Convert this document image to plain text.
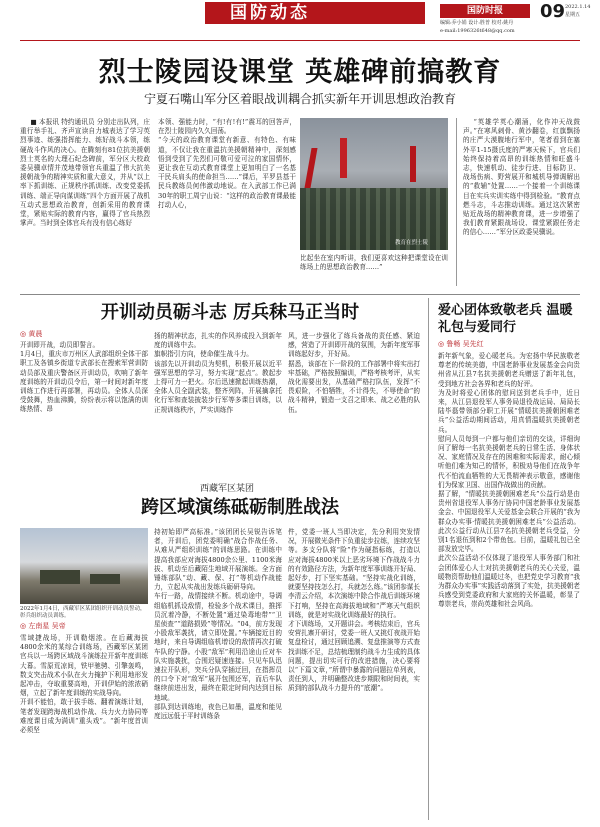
国防动态	国防时报	09 2022.1.14
星期五
编辑:乔小娟 设计:胜普 校对:姚丹
e-mail:1996326t648@qq.com
烈士陵园设课堂 英雄碑前搞教育
宁夏石嘴山军分区着眼战训耦合抓实新年开训思想政治教育

■ 本报讯 特约通讯员 分别走出队列，庄重行举手礼、齐声宣读自力城表达了学习英烈事迹、练强指挥能力、练好战斗本领，练硬战斗作风的决心。在腾刻有81位抗美援朝烈士英名的大理石纪念碑前，军分区大校政委吴骥卓情并茂地带领官兵重温了伟大抗美援朝战争的精神实质和重大意义，并从“以上率下抓训练、正规秩序抓训练、改变党委抓训练、端正导向谋训练”四个方面开展了战机互动式思想政治教育，创新采用的教育课堂，紧贴实际的教育内容，赢得了官兵热烈掌声。当时到全体官兵有没有信心练好

本领、强能力时，“有!有!有!”震耳的回答声，在烈士陵园内久久回荡。
“今天的政治教育课堂有新意、有特色、有味道，不仅让我在重温抗美援朝精神中，深刻感悟到受到了先烈们可敬可爱可泣的家国情怀，更让我在互动式教育课堂上更加明白了一名基干民兵肩头的使命担当……”课后，平罗县基干民兵教练员何伟激动地说。在入武部工作已满30年的职工周宁山说：“这样的政治教育课最能打动人心，
教育在烈士陵
比起坐在室内听讲，我们更喜欢这种把课堂设在训练场上的思想政治教育……”

“英雄学英心潮涌，化作冲天战鼓声。”在寒风刺骨、黄沙翻卷，红旗飘扬的庄严大漠腹地行军中，笔者看到在塞外平1-15摄氏度的严寒天候下，官兵们始终保持着高昂的训练热情和旺盛斗志，快速机动、徒步行进、目标防卫、战场伤病、野营展开和城机导弹调解出的“救辅”处置……一个接着一个训练课目在实兵实训实练中得到检验。“教育点燃斗志，斗志推动训练。通过这次紧密贴近战场的精神教育课，进一步增强了我们教育紧跟战场设、课堂紧跟任务走的信心……”军分区政委吴骥说。

开训动员砺斗志 厉兵秣马正当时
◎ 黄晨
开训即开战，动员即誓言。
1月4日，重庆市万州区人武部组织全体干部职工及各镇乡街道专武部长在搜索军营训防动员部及重庆警备区开训动员，吹响了新年度训练的开训动员令后，第一时间对新年度训练工作进行再部署，再动员。全体人员深受鼓舞，热血沸腾，纷纷表示将以饱满的训练热情、昂
扬的精神状态，扎实的作风养成投入到新年度的训练中去。
旗帜指引方向，使命催生战斗力。
该部先以开训动员为契机，积极开展以近平强军思想的学习，努力实现“起点”。教起步上得可力一把火。尔后迅速掀起训练热潮，全体人员全副武装，整齐列阵，开展擒拿托化行军和查装披装步行军等多课目训练，以正规训练秩序，严实训练作
风，进一步强化了练兵备战的责任感、紧迫感，营造了开训即开战的氛围，为新年度军事训练起好步，开好局。
据悉，该部在下一阶段的工作部署中将实出打牢基础，严格按照编训，严格考核考评，从实战化需要出发，从基础严格打队伍，发挥“不畏艰险，不怕牺牲，不计得失，不辱使命”的战斗精神，锻造一支召之即来、战之必胜的队伍。
西藏军区某团
跨区域演练砥砺制胜战法
2022年1月4日，西藏军区某团组织开训动员誓动，彰兵组织动员训练。
◎ 左南星 吴帝
雪域捷战场，开训勒烟浓。在后藏海拔4800余米的某综合训练场，西藏军区某团官兵以一场跨区域战斗演练拉开新年度训练大幕。雪原荒凉间，铁甲驰骋、引擎轰鸣，数支突击战术小队在火力掩护下利用地形发起冲击，夺取重要高地，开训伊始的浓浓硝烟，立起了新年度训练的实战导向。
开训不能怕，敢于拔手练、翻着演练计划，笔者发现跨海战机动作战、兵力火力协同等难度课目成为满训“重头戏”。“新年度首训必须坚
持初始即严高标准。”该团团长吴锐告诉笔者，开训后，团党委明确“战合作战任务、从难从严组织训练”的训练思路。在训练中提高我部应对海拔4800余公里、1100米海拔、机动至后藏陌生地域开展演练。全方面锤练部队“动、藏、保、打”等机动作战能力，立起从实战出发练兵砺研导向。
车行一路，战情接续不断。机动途中，导调组临机抓设敌情，检验多个战术课目，推挥员沉着冷静，不断处置“通过染毒地带”“卫星侦查”“道路损毁”等情况。“04，前方发现小股敌军袭扰，请立即处置。”车辆接近目的地时，来自导调组临机增设的敌情再次打破车队的宁静。小股“敌军”利用沿途山丘对车队实施袭扰，合围迟疑速连接。只见车队迅速拉开队形，突兵分队穿插迂回，在指挥员的口令下对“敌军”展开包围还军，而后车队继续前进出发，最终在限定时间内达到目标地域。
部队到达训练地，夜色已如墨，温度和能见度远远低于平时训练条
件，党委一班人当即决定，先分利用突发情况，开展微光条件下负重徒步拉练，连续攻坚等。多支分队将“险”作为硬指标练，打造以应对海拔4800米以上恶劣环境下作战战斗力的有效路径方法，为新年度军事训练开好局、起好步，打下坚实基础。“坚持实战化训练，就要坚持技怎么打，兵就怎么练。”该团参谋长李清云介绍，本次演练中除合作战后训练环境下打响，坚持在高海拔地域和“严寒天气组织训练，就是对实战化训练最好的执行。
才下训练场，又开题讲会。考核结束后，官兵安营扎寨开研讨，党委一班人又挑灯夜战开始复盘检讨，通过回顾追溯、复盘推演等方式查找训练不足，总结梳理制约战斗力生成的具体问题，提出切实可行的改进措施，决心要将以“下篇文章，”所谓中暴露的问题拉单列表，责任到人，并明确整改进步期限和时间表，实质到的部队战斗力提升的“底潮”。
爱心团体致敬老兵 温暖礼包与爱同行
◎ 鲁畅 吴先红
新年新气象，爱心暖老兵。为宏扬中华民族敬老尊老的传统美德，中国老龄事业发展基金会向贵州省从江县7名抗美援朝老兵赠送了新年礼包，受到地方社会各界和老兵的好评。
为及时将爱心团体的慰问送到老兵手中，近日来，从江县退役军人事务局退役战运局、局局长陆毕磊带领部分职工开展“情暖抗美援朝困难老兵”公益活动期间活动，用真情温暖抗美援朝老兵。
慰问人员每到一户都与他们亲切的交谈，详细询问了解每一名抗美援朝老兵的日常生活、身体状况、家庭情况及存在的困难和实际需求，耐心倾听他们难为知己的情怀，积极劝导他们在战争年代不怕流血牺牲的大无畏精神表示敬意，感谢他们为保家卫国、出国作战做出的贡献。
据了解，“情暖抗美援朝困难老兵”公益行动是由贵州省退役军人事务厅协同中国老龄事业发展基金会、中国退役军人关爱基金会联合开展的“我为群众办实事·情暖抗美援朝困难老兵”公益活动。此次公益行动从江县7名抗美援朝老兵受益，分别1名退伍到和2个带鱼包。目前，温暖礼包已全部发放完毕。
此次公益活动不仅体现了退役军人事务部门和社会团体爱心人士对抗美援朝老兵的关心关爱，温暖物资帮助他们温暖过冬，也把党史学习教育“我为群众办实事”实践活动落到了实处，抗美援朝老兵感受到党委政府和大家庭的关怀温暖，彰显了尊崇老兵，崇尚英雄和社会风尚。
